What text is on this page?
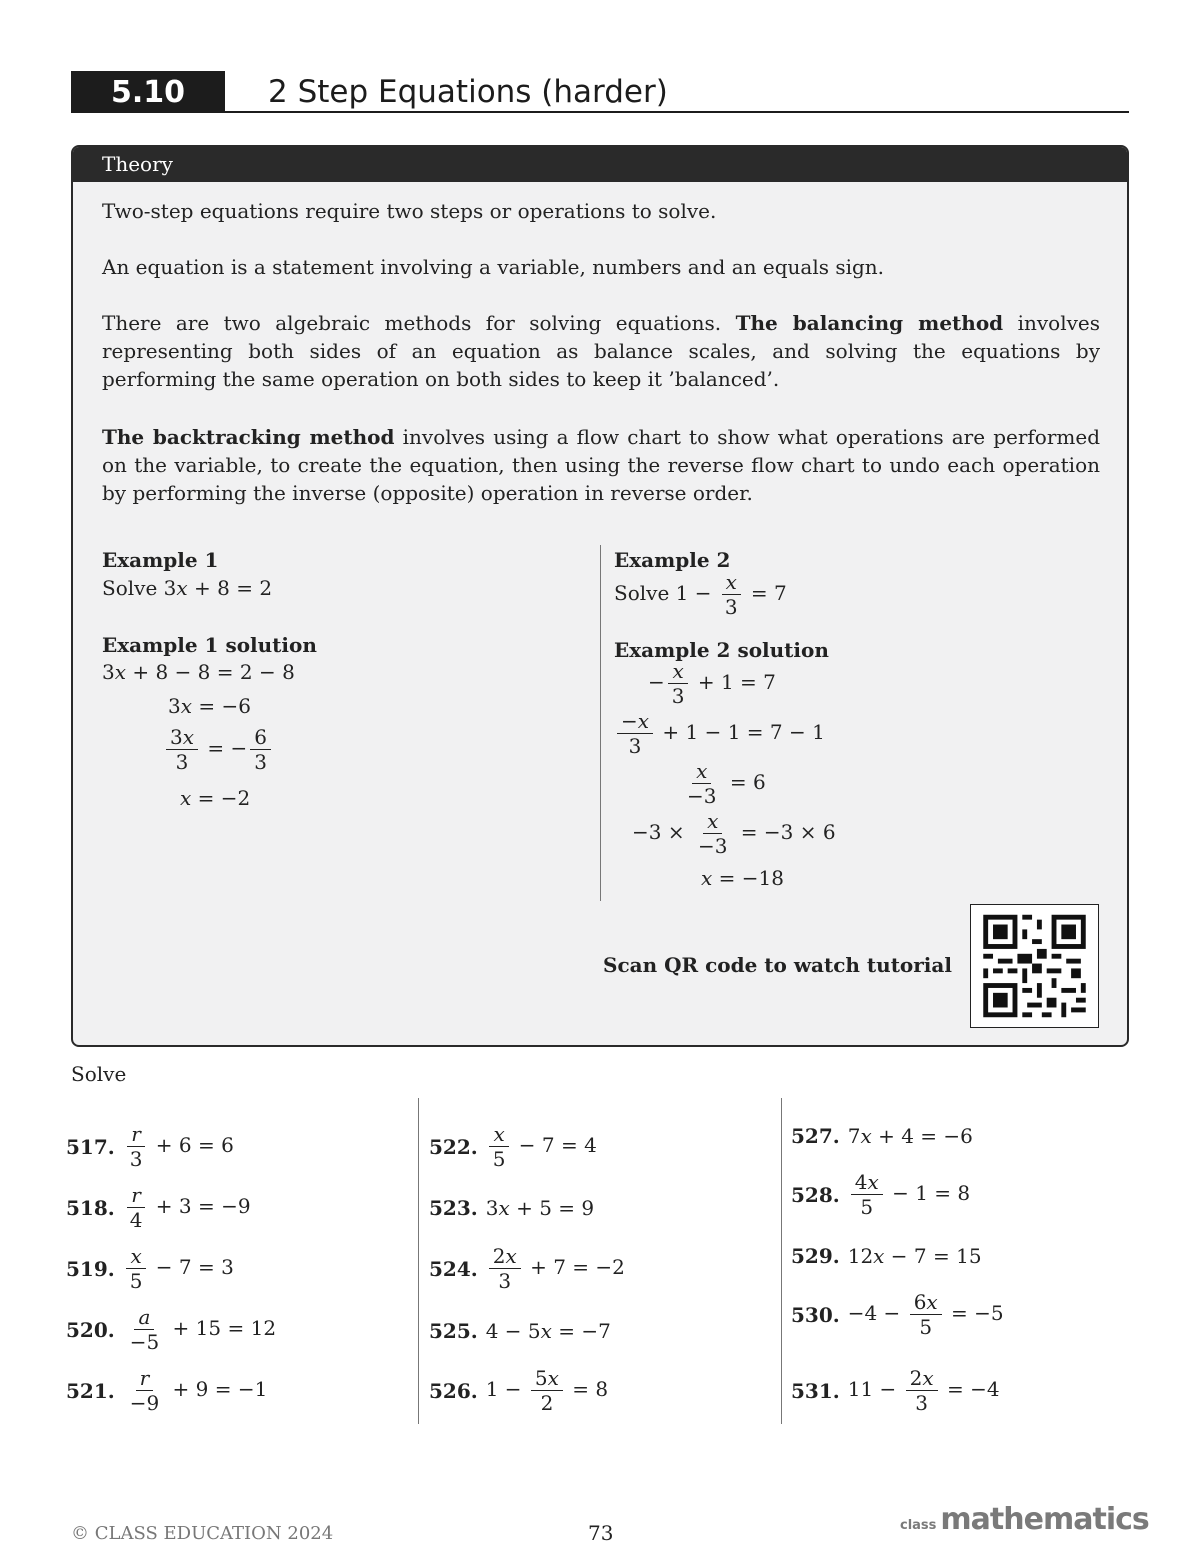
5.10	2 Step Equations (harder)
Theory

Two-step equations require two steps or operations to solve.

An equation is a statement involving a variable, numbers and an equals sign.

There are two algebraic methods for solving equations. The balancing method involves representing both sides of an equation as balance scales, and solving the equations by performing the same operation on both sides to keep it ’balanced’.

The backtracking method involves using a flow chart to show what operations are performed on the variable, to create the equation, then using the reverse flow chart to undo each operation by performing the inverse (opposite) operation in reverse order.

Example 1
Solve 3x + 8 = 2
Example 1 solution
3x + 8 − 8 = 2 − 8
3x = −6
$\frac{3x}{3}$ = − $\frac{6}{3}$
x = −2
Example 2
Solve $1 - \frac{x}{3} = 7$
Example 2 solution
− $\frac{x}{3} + 1 = 7$
$\frac{-x}{3} + 1 - 1 = 7 - 1$
$\frac{x}{-3} = 6$
$-3 \times \frac{x}{-3} = -3 \times 6$
x = −18
Scan QR code to watch tutorial
Solve
517. $\frac{r}{3} + 6 = 6$
518. $\frac{r}{4} + 3 = -9$
519. $\frac{x}{5} - 7 = 3$
520. $\frac{a}{-5} + 15 = 12$
521. $\frac{r}{-9} + 9 = -1$
522. $\frac{x}{5} - 7 = 4$
523. 3x + 5 = 9
524. $\frac{2x}{3} + 7 = -2$
525. 4 − 5x = −7
526. $1 - \frac{5x}{2} = 8$
527. 7x + 4 = −6
528. $\frac{4x}{5} - 1 = 8$
529. 12x − 7 = 15
530. $-4 - \frac{6x}{5} = -5$
531. $11 - \frac{2x}{3} = -4$
© CLASS EDUCATION 2024	73	class mathematics
